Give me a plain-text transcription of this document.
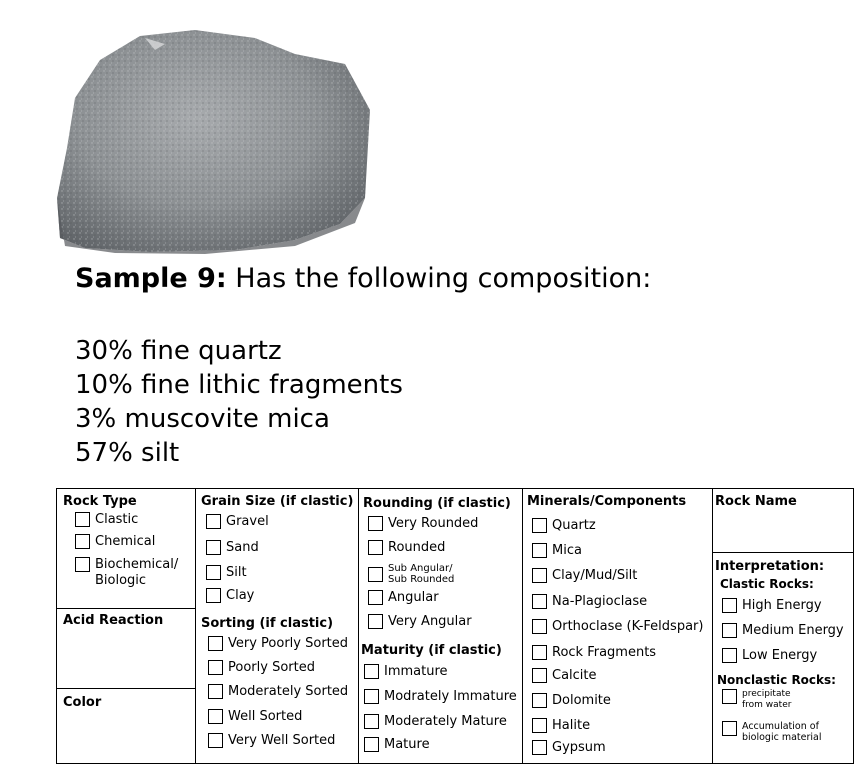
Sample 9: Has the following composition:
30% fine quartz
10% fine lithic fragments
3% muscovite mica
57% silt
Rock Type
Clastic
Chemical
Biochemical/
Biologic
Acid Reaction
Color
Grain Size (if clastic)
Gravel
Sand
Silt
Clay
Sorting (if clastic)
Very Poorly Sorted
Poorly Sorted
Moderately Sorted
Well Sorted
Very Well Sorted
Rounding (if clastic)
Very Rounded
Rounded
Sub Angular/
Sub Rounded
Angular
Very Angular
Maturity (if clastic)
Immature
Modrately Immature
Moderately Mature
Mature
Minerals/Components
Quartz
Mica
Clay/Mud/Silt
Na-Plagioclase
Orthoclase (K-Feldspar)
Rock Fragments
Calcite
Dolomite
Halite
Gypsum
Rock Name
Interpretation:
Clastic Rocks:
High Energy
Medium Energy
Low Energy
Nonclastic Rocks:
precipitate
from water
Accumulation of
biologic material
